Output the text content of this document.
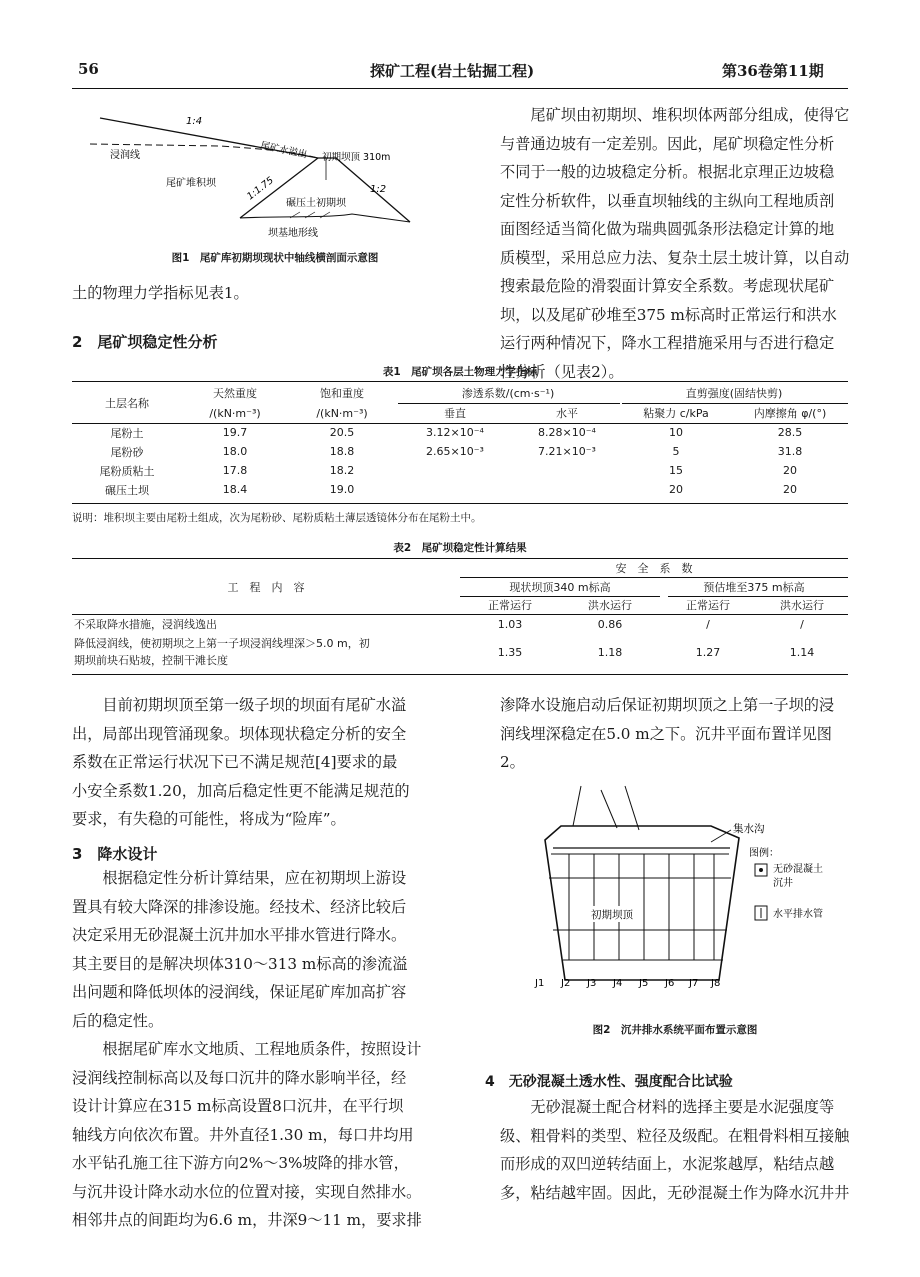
56	探矿工程(岩土钻掘工程)	第36卷第11期
1:4
浸润线	尾矿水溢出 初期坝顶 310m
尾矿堆积坝	1:1.75	1:2
碾压土初期坝
坝基地形线
图1　尾矿库初期坝现状中轴线横剖面示意图
土的物理力学指标见表1。
2　尾矿坝稳定性分析
尾矿坝由初期坝、堆积坝体两部分组成，使得它
与普通边坡有一定差别。因此，尾矿坝稳定性分析
不同于一般的边坡稳定分析。根据北京理正边坡稳
定性分析软件，以垂直坝轴线的主纵向工程地质剖
面图经适当简化做为瑞典圆弧条形法稳定计算的地
质模型，采用总应力法、复杂土层土坡计算，以自动
搜索最危险的滑裂面计算安全系数。考虑现状尾矿
坝，以及尾矿砂堆至375 m标高时正常运行和洪水
运行两种情况下，降水工程措施采用与否进行稳定
性分析（见表2）。
表1　尾矿坝各层土物理力学指标
土层名称	天然重度	饱和重度	渗透系数/(cm·s⁻¹)		直剪强度(固结快剪)	
	/(kN·m⁻³)	/(kN·m⁻³)	垂直	水平	粘聚力 c/kPa	内摩擦角 φ/(°)
尾粉土	19.7	20.5	3.12×10⁻⁴	8.28×10⁻⁴	10	28.5
尾粉砂	18.0	18.8	2.65×10⁻³	7.21×10⁻³	5	31.8
尾粉质粘土	17.8	18.2			15	20
碾压土坝	18.4	19.0			20	20
说明：堆积坝主要由尾粉土组成，次为尾粉砂、尾粉质粘土薄层透镜体分布在尾粉土中。
表2　尾矿坝稳定性计算结果
工　程　内　容	安　全　系　数			
	现状坝顶340 m标高		预估堆至375 m标高	
	正常运行	洪水运行	正常运行	洪水运行
不采取降水措施，浸润线逸出	1.03	0.86	/	/

降低浸润线，使初期坝之上第一子坝浸润线埋深＞5.0 m，初
期坝前块石贴坡，控制干滩长度	1.35	1.18	1.27	1.14
目前初期坝顶至第一级子坝的坝面有尾矿水溢
出，局部出现管涌现象。坝体现状稳定分析的安全
系数在正常运行状况下已不满足规范[4]要求的最
小安全系数1.20，加高后稳定性更不能满足规范的
要求，有失稳的可能性，将成为“险库”。
3　降水设计
根据稳定性分析计算结果，应在初期坝上游设
置具有较大降深的排渗设施。经技术、经济比较后
决定采用无砂混凝土沉井加水平排水管进行降水。
其主要目的是解决坝体310～313 m标高的渗流溢
出问题和降低坝体的浸润线，保证尾矿库加高扩容
后的稳定性。
根据尾矿库水文地质、工程地质条件，按照设计
浸润线控制标高以及每口沉井的降水影响半径，经
设计计算应在315 m标高设置8口沉井，在平行坝
轴线方向依次布置。井外直径1.30 m，每口井均用
水平钻孔施工往下游方向2%～3%坡降的排水管，
与沉井设计降水动水位的位置对接，实现自然排水。
相邻井点的间距均为6.6 m，井深9～11 m，要求排
渗降水设施启动后保证初期坝顶之上第一子坝的浸
润线埋深稳定在5.0 m之下。沉井平面布置详见图
2。
集水沟
初期坝顶
图例：
无砂混凝土
沉井
水平排水管
J1 J2 J3 J4 J5 J6 J7 J8
图2　沉井排水系统平面布置示意图
4　无砂混凝土透水性、强度配合比试验
无砂混凝土配合材料的选择主要是水泥强度等
级、粗骨料的类型、粒径及级配。在粗骨料相互接触
而形成的双凹逆转结面上，水泥浆越厚，粘结点越
多，粘结越牢固。因此，无砂混凝土作为降水沉井井
